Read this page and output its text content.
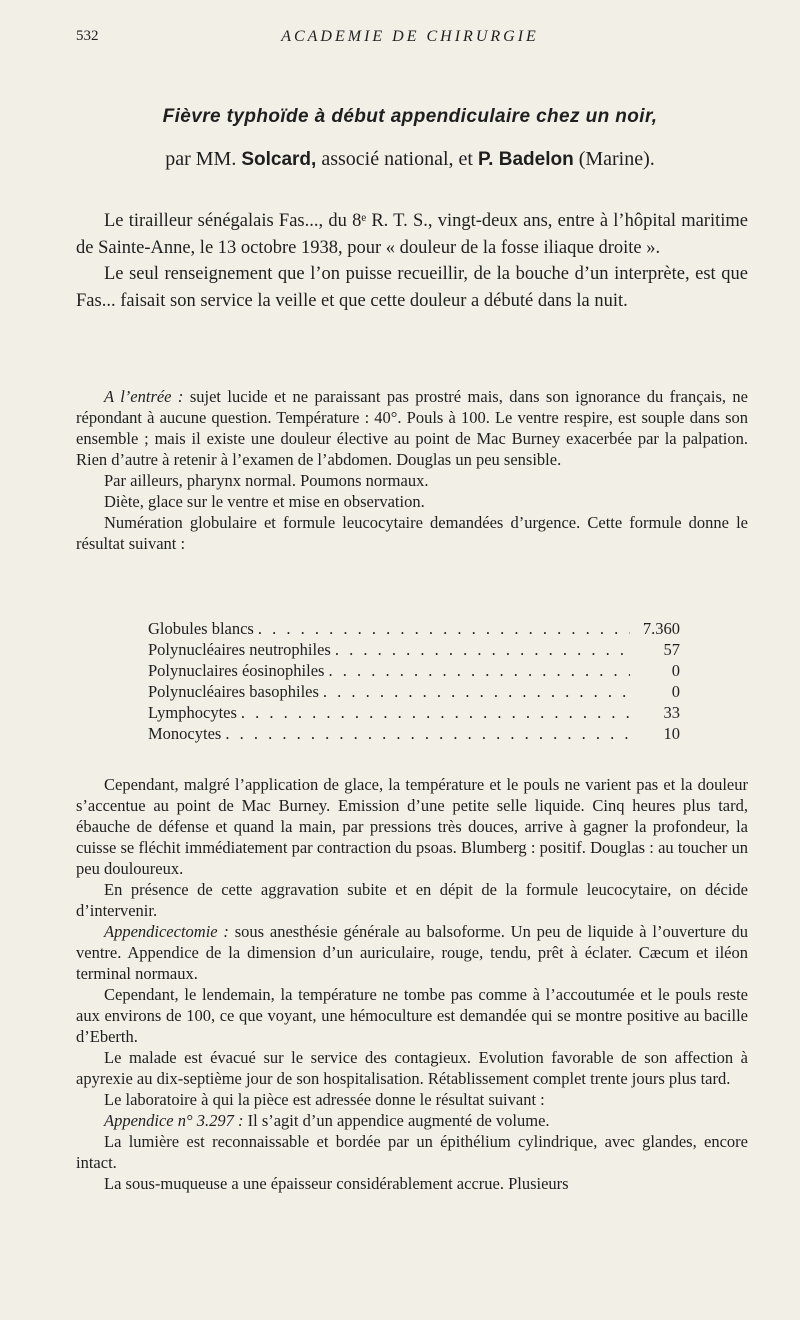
532	ACADEMIE DE CHIRURGIE
Fièvre typhoïde à début appendiculaire chez un noir,
par MM. Solcard, associé national, et P. Badelon (Marine).

Le tirailleur sénégalais Fas..., du 8ᵉ R. T. S., vingt-deux ans, entre à l’hôpital maritime de Sainte-Anne, le 13 octobre 1938, pour « douleur de la fosse iliaque droite ».

Le seul renseignement que l’on puisse recueillir, de la bouche d’un interprète, est que Fas... faisait son service la veille et que cette douleur a débuté dans la nuit.

A l’entrée : sujet lucide et ne paraissant pas prostré mais, dans son ignorance du français, ne répondant à aucune question. Température : 40°. Pouls à 100. Le ventre respire, est souple dans son ensemble ; mais il existe une douleur élective au point de Mac Burney exacerbée par la palpation. Rien d’autre à retenir à l’examen de l’abdomen. Douglas un peu sensible.

Par ailleurs, pharynx normal. Poumons normaux.

Diète, glace sur le ventre et mise en observation.

Numération globulaire et formule leucocytaire demandées d’urgence. Cette formule donne le résultat suivant :

Globules blancs . . .	7.360
Polynucléaires neutrophiles . . .	57
Polynuclaires éosinophiles . . .	0
Polynucléaires basophiles . . .	0
Lymphocytes . . .	33
Monocytes . . .	10

Cependant, malgré l’application de glace, la température et le pouls ne varient pas et la douleur s’accentue au point de Mac Burney. Emission d’une petite selle liquide. Cinq heures plus tard, ébauche de défense et quand la main, par pressions très douces, arrive à gagner la profondeur, la cuisse se fléchit immédiatement par contraction du psoas. Blumberg : positif. Douglas : au toucher un peu douloureux.

En présence de cette aggravation subite et en dépit de la formule leucocytaire, on décide d’intervenir.

Appendicectomie : sous anesthésie générale au balsoforme. Un peu de liquide à l’ouverture du ventre. Appendice de la dimension d’un auriculaire, rouge, tendu, prêt à éclater. Cæcum et iléon terminal normaux.

Cependant, le lendemain, la température ne tombe pas comme à l’accoutumée et le pouls reste aux environs de 100, ce que voyant, une hémoculture est demandée qui se montre positive au bacille d’Eberth.

Le malade est évacué sur le service des contagieux. Evolution favorable de son affection à apyrexie au dix-septième jour de son hospitalisation. Rétablissement complet trente jours plus tard.

Le laboratoire à qui la pièce est adressée donne le résultat suivant :

Appendice n° 3.297 : Il s’agit d’un appendice augmenté de volume.

La lumière est reconnaissable et bordée par un épithélium cylindrique, avec glandes, encore intact.

La sous-muqueuse a une épaisseur considérablement accrue. Plusieurs
